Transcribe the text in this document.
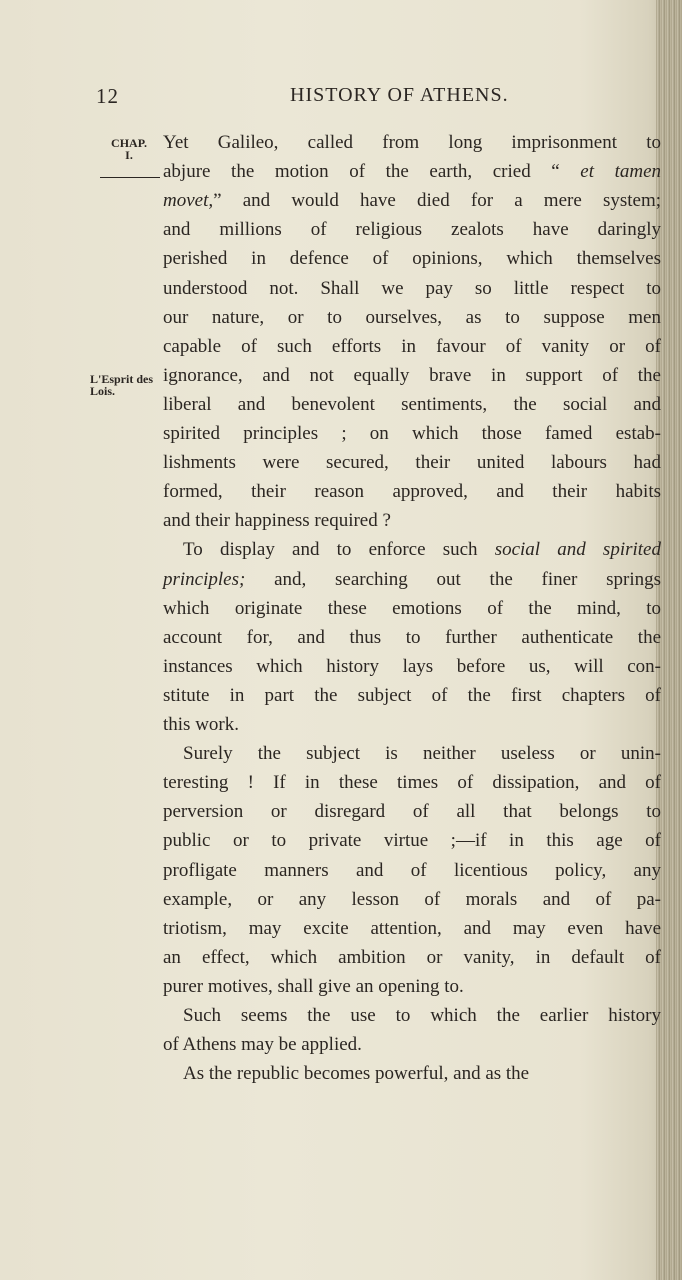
12	HISTORY OF ATHENS.
CHAP.
I.
L'Esprit des
Lois.
Yet Galileo, called from long imprisonment to
abjure the motion of the earth, cried “ et tamen
movet,” and would have died for a mere system;
and millions of religious zealots have daringly
perished in defence of opinions, which themselves
understood not. Shall we pay so little respect to
our nature, or to ourselves, as to suppose men
capable of such efforts in favour of vanity or of
ignorance, and not equally brave in support of the
liberal and benevolent sentiments, the social and
spirited principles ; on which those famed estab-
lishments were secured, their united labours had
formed, their reason approved, and their habits
and their happiness required ?
To display and to enforce such social and spirited
principles; and, searching out the finer springs
which originate these emotions of the mind, to
account for, and thus to further authenticate the
instances which history lays before us, will con-
stitute in part the subject of the first chapters of
this work.
Surely the subject is neither useless or unin-
teresting ! If in these times of dissipation, and of
perversion or disregard of all that belongs to
public or to private virtue ;—if in this age of
profligate manners and of licentious policy, any
example, or any lesson of morals and of pa-
triotism, may excite attention, and may even have
an effect, which ambition or vanity, in default of
purer motives, shall give an opening to.
Such seems the use to which the earlier history
of Athens may be applied.
As the republic becomes powerful, and as the
